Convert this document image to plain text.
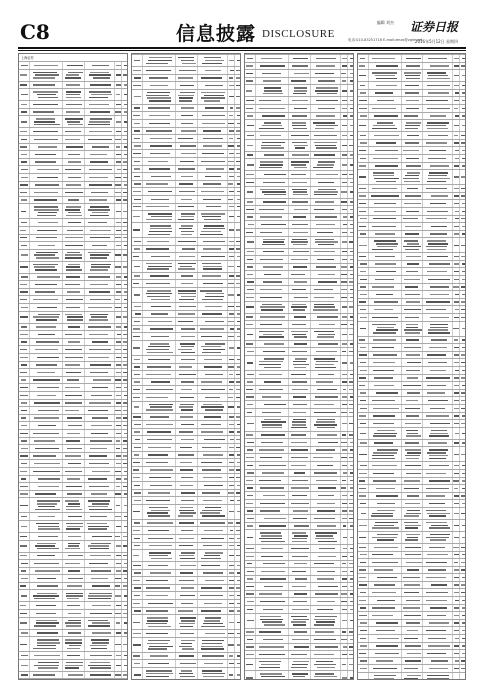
C8	信息披露 DISCLOSURE
编辑 刘杰 证券日报
电话:010-83251716 E-mail:zmzx@zqrb.net
2016年5月12日 星期四
上海证券
